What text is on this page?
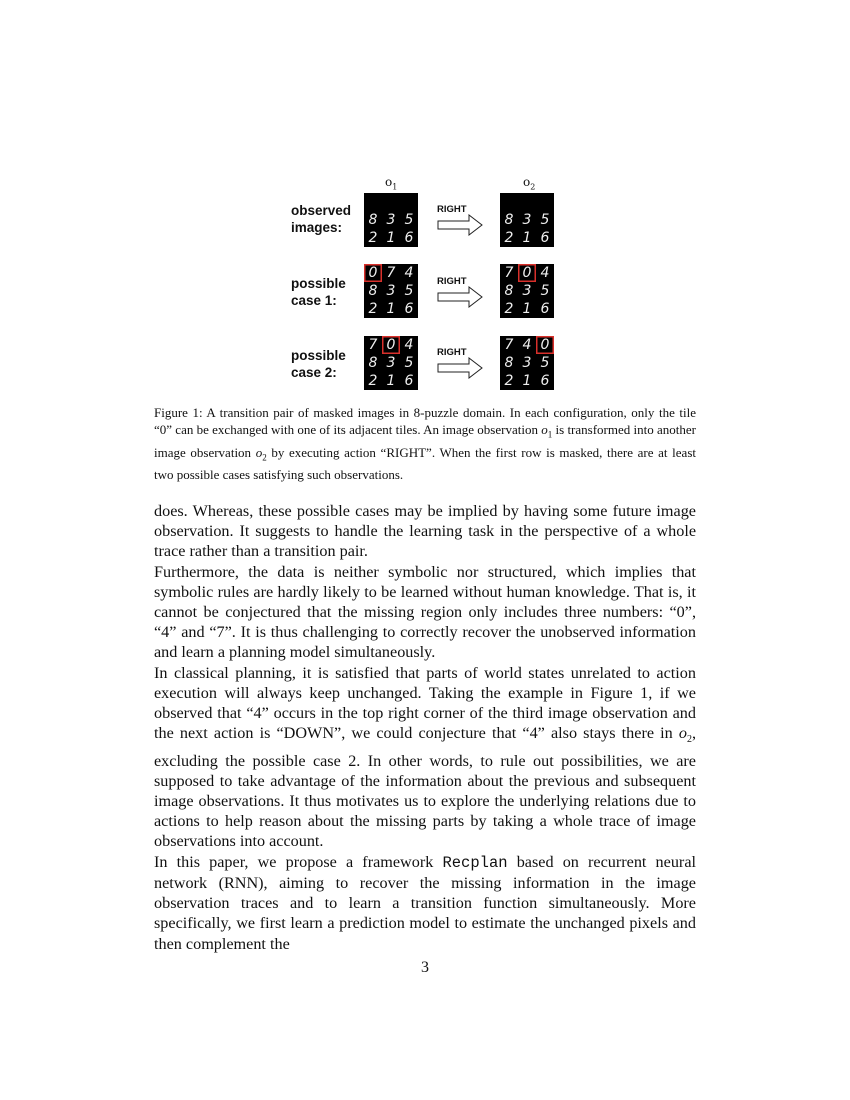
$o_1$	$o_2$
observed
images:	8 3 5
2 1 6
RIGHT
8 3 5
2 1 6
possible
case 1:
0 7 4
8 3 5
2 1 6
RIGHT
7 0 4
8 3 5
2 1 6
possible
case 2:
7 0 4
8 3 5
2 1 6
RIGHT	7 4 0
8 3 5
2 1 6
Figure 1: A transition pair of masked images in 8-puzzle domain. In each configuration, only the tile “0” can be exchanged with one of its adjacent tiles. An image observation $o_1$ is transformed into another image observation $o_2$ by executing action “RIGHT”. When the first row is masked, there are at least two possible cases satisfying such observations.

does. Whereas, these possible cases may be implied by having some future image observation. It suggests to handle the learning task in the perspective of a whole trace rather than a transition pair.

Furthermore, the data is neither symbolic nor structured, which implies that symbolic rules are hardly likely to be learned without human knowledge. That is, it cannot be conjectured that the missing region only includes three numbers: “0”, “4” and “7”. It is thus challenging to correctly recover the unobserved information and learn a planning model simultaneously.

In classical planning, it is satisfied that parts of world states unrelated to action execution will always keep unchanged. Taking the example in Figure 1, if we observed that “4” occurs in the top right corner of the third image observation and the next action is “DOWN”, we could conjecture that “4” also stays there in $o_2$, excluding the possible case 2. In other words, to rule out possibilities, we are supposed to take advantage of the information about the previous and subsequent image observations. It thus motivates us to explore the underlying relations due to actions to help reason about the missing parts by taking a whole trace of image observations into account.

In this paper, we propose a framework Recplan based on recurrent neural network (RNN), aiming to recover the missing information in the image observation traces and to learn a transition function simultaneously. More specifically, we first learn a prediction model to estimate the unchanged pixels and then complement the

3
